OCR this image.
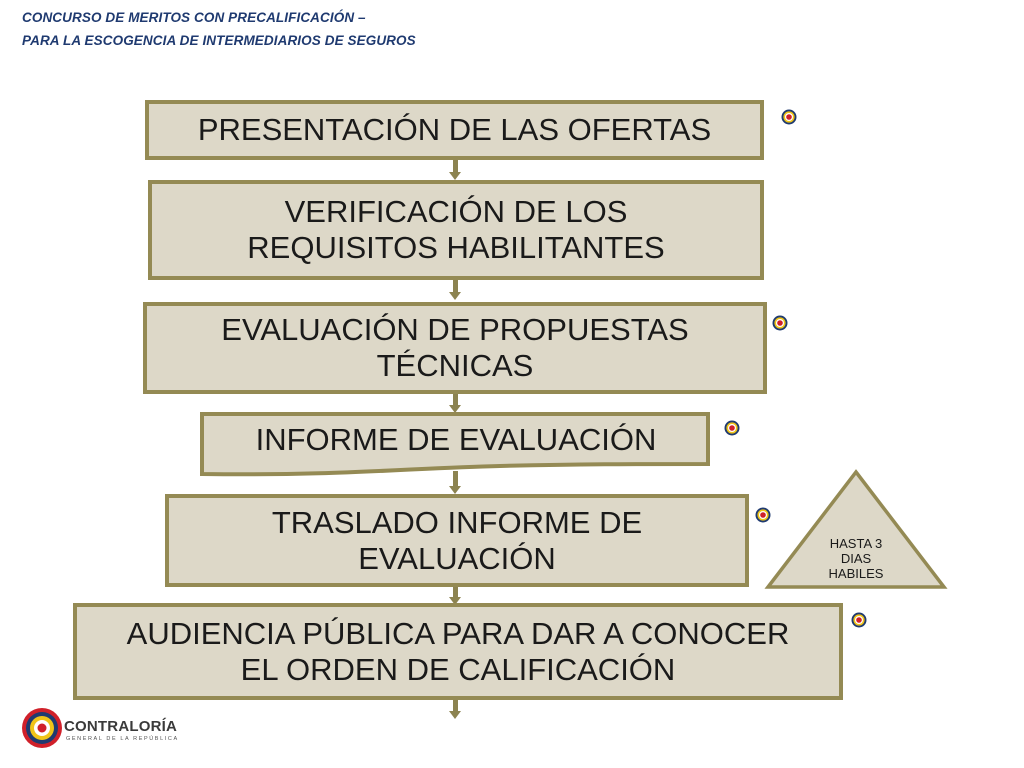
CONCURSO DE MERITOS CON PRECALIFICACIÓN –
PARA LA ESCOGENCIA DE INTERMEDIARIOS DE SEGUROS
PRESENTACIÓN DE LAS OFERTAS
VERIFICACIÓN DE LOS
REQUISITOS HABILITANTES
EVALUACIÓN DE PROPUESTAS
TÉCNICAS
INFORME DE EVALUACIÓN
TRASLADO INFORME DE
EVALUACIÓN
AUDIENCIA PÚBLICA PARA DAR A CONOCER
EL ORDEN DE CALIFICACIÓN
HASTA 3
DIAS
HABILES
CONTRALORÍA
GENERAL DE LA REPÚBLICA
